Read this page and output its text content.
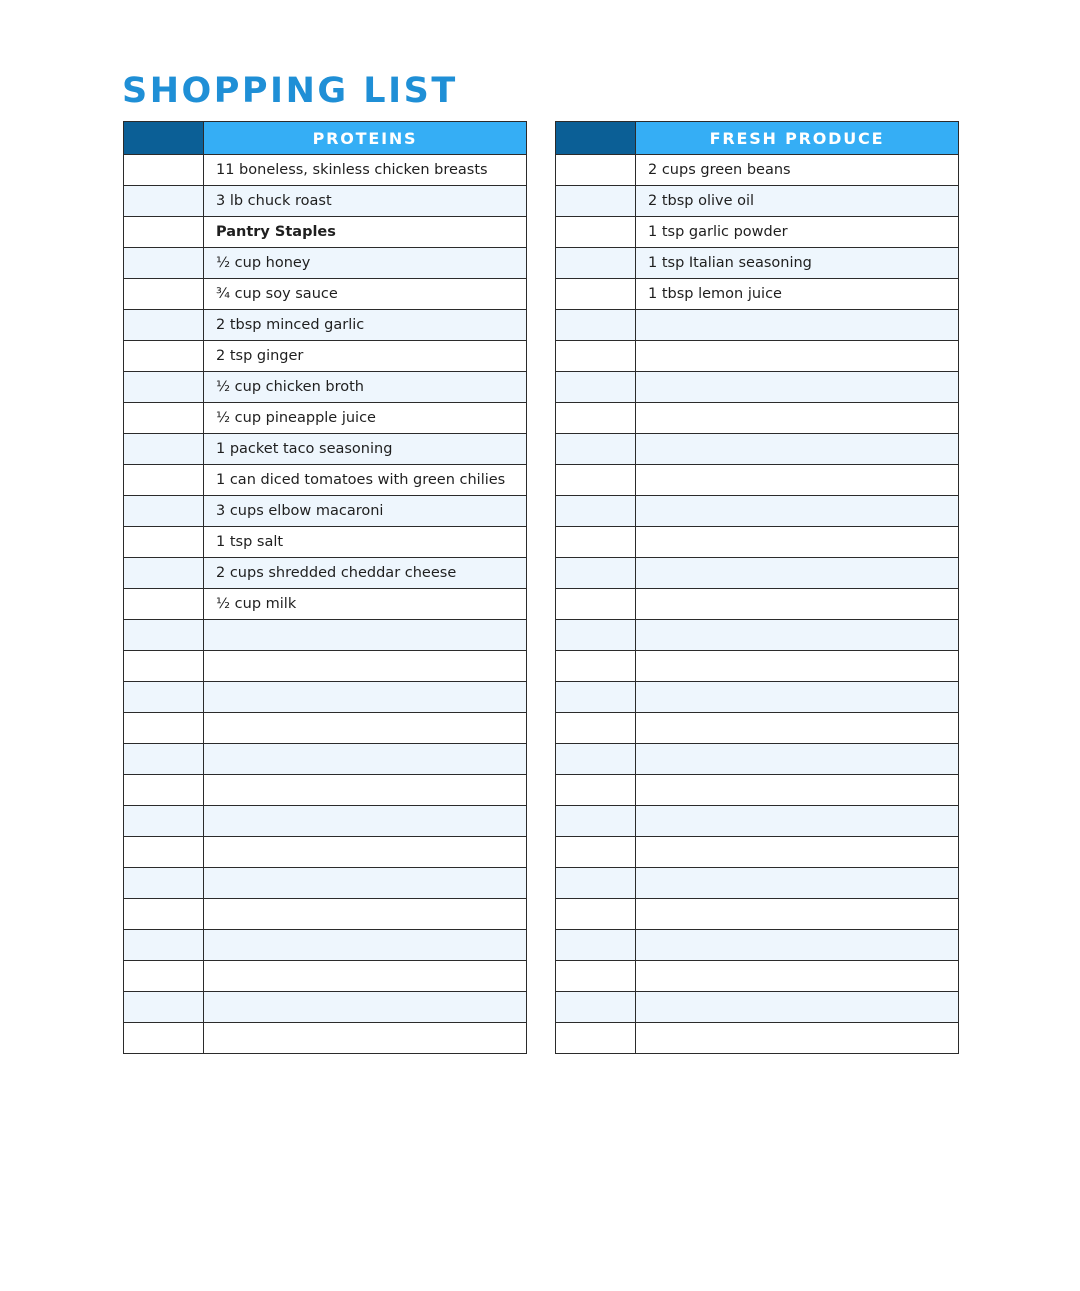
SHOPPING LIST
	PROTEINS
	11 boneless, skinless chicken breasts
	3 lb chuck roast
	Pantry Staples
	½ cup honey
	¾ cup soy sauce
	2 tbsp minced garlic
	2 tsp ginger
	½ cup chicken broth
	½ cup pineapple juice
	1 packet taco seasoning
	1 can diced tomatoes with green chilies
	3 cups elbow macaroni
	1 tsp salt
	2 cups shredded cheddar cheese
	½ cup milk

	FRESH PRODUCE
	2 cups green beans
	2 tbsp olive oil
	1 tsp garlic powder
	1 tsp Italian seasoning
	1 tbsp lemon juice
